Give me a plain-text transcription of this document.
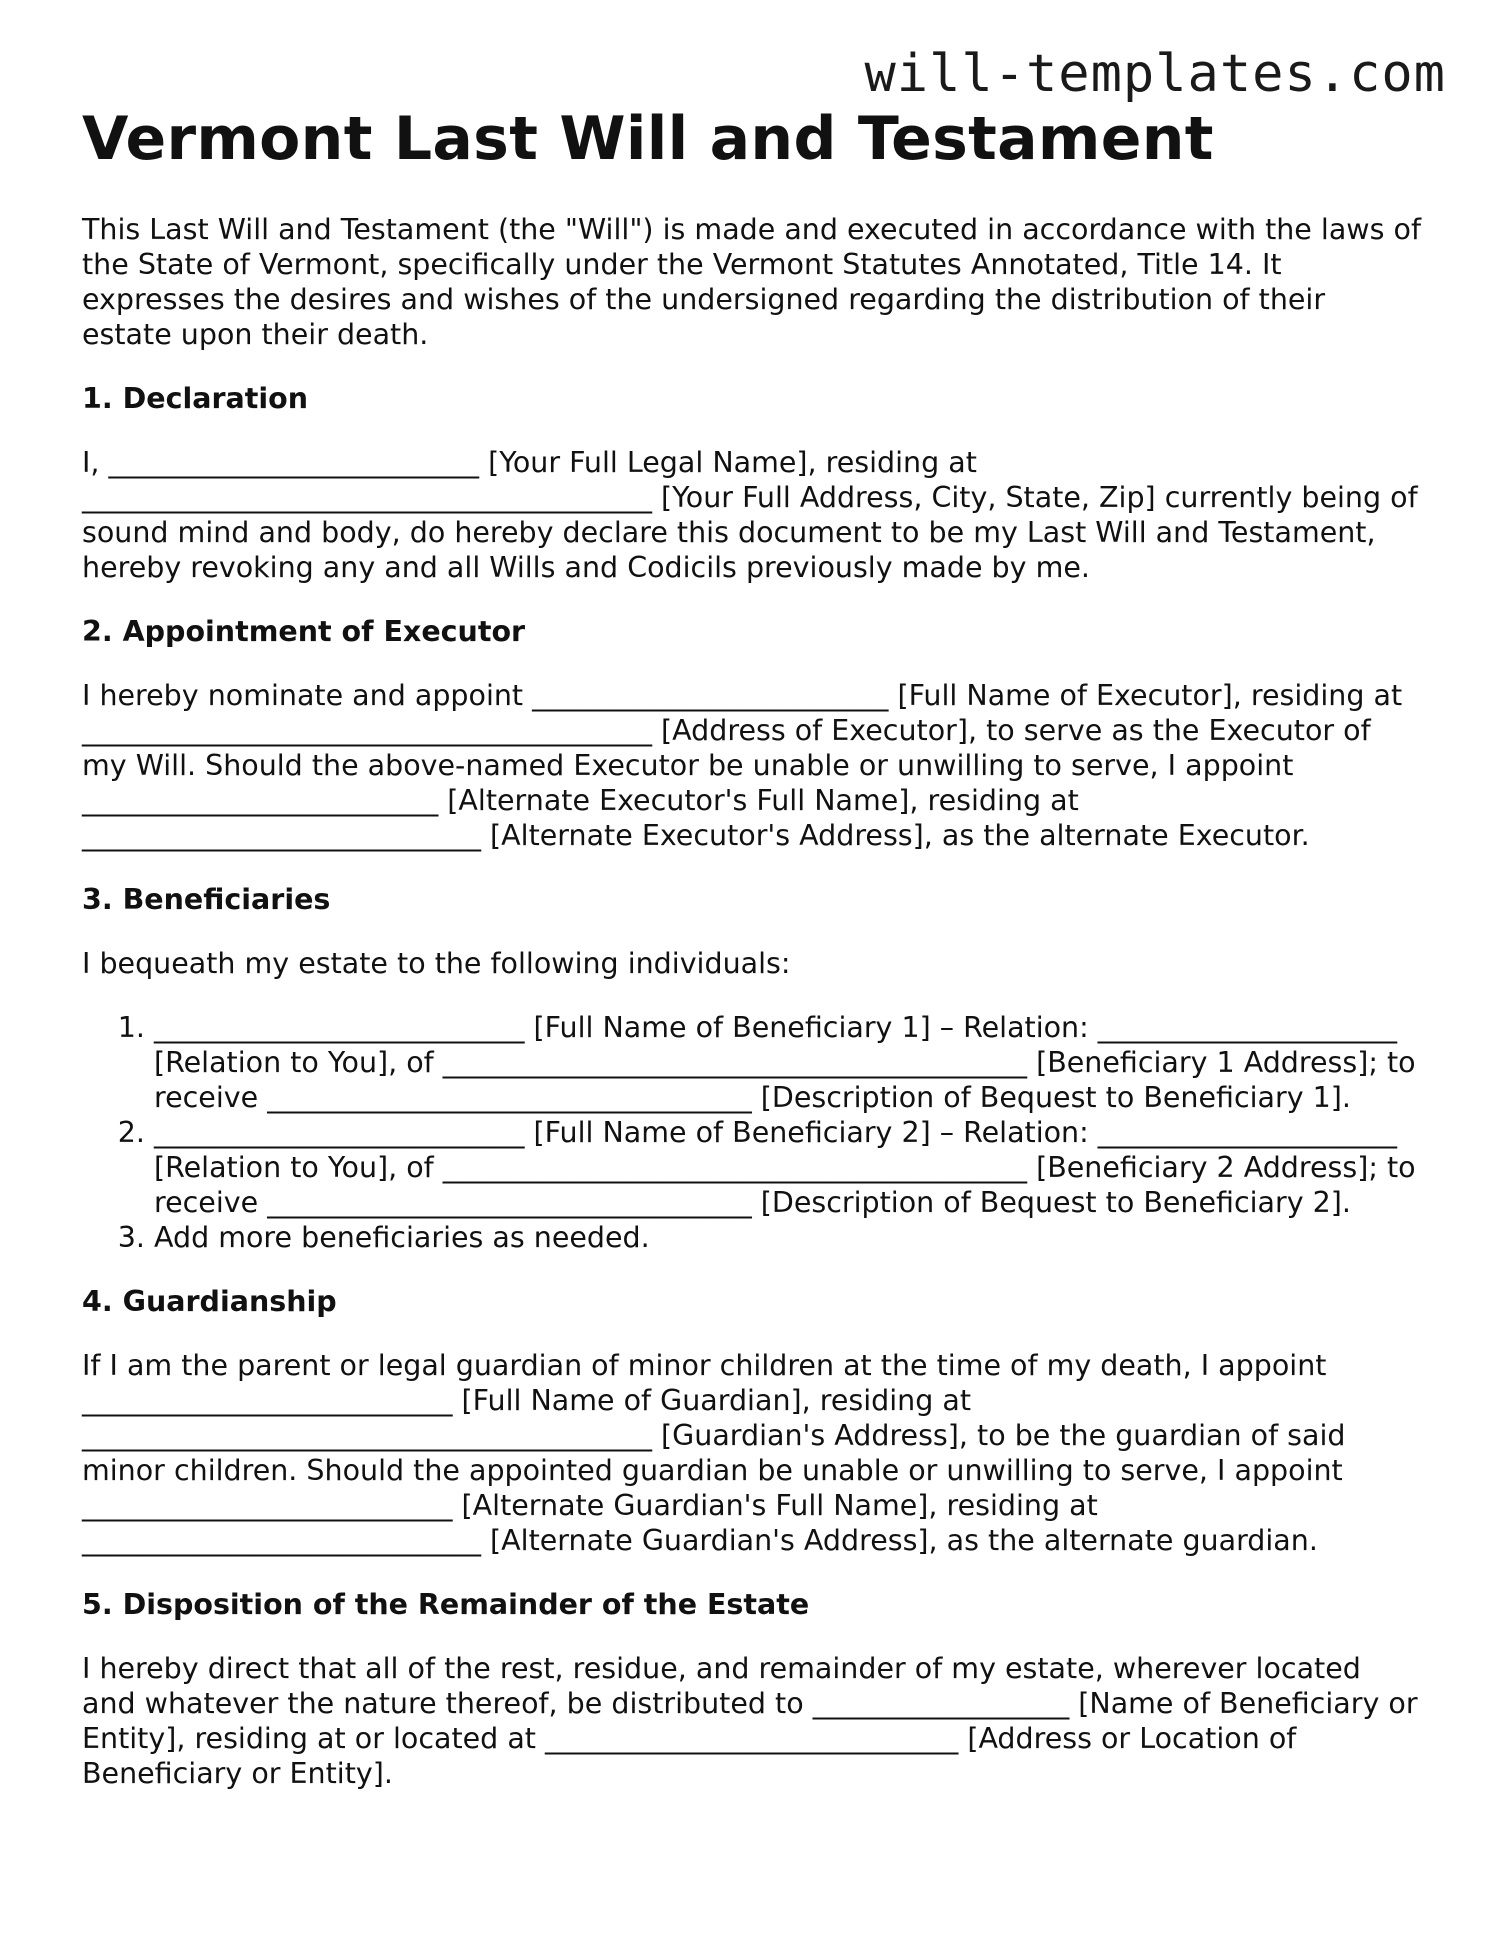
will-templates.com
Vermont Last Will and Testament

This Last Will and Testament (the "Will") is made and executed in accordance with the laws of the State of Vermont, specifically under the Vermont Statutes Annotated, Title 14. It expresses the desires and wishes of the undersigned regarding the distribution of their estate upon their death.

1. Declaration

I, __________________________ [Your Full Legal Name], residing at ________________________________________ [Your Full Address, City, State, Zip] currently being of sound mind and body, do hereby declare this document to be my Last Will and Testament, hereby revoking any and all Wills and Codicils previously made by me.

2. Appointment of Executor

I hereby nominate and appoint _________________________ [Full Name of Executor], residing at ________________________________________ [Address of Executor], to serve as the Executor of my Will. Should the above-named Executor be unable or unwilling to serve, I appoint _________________________ [Alternate Executor's Full Name], residing at ____________________________ [Alternate Executor's Address], as the alternate Executor.

3. Beneficiaries

I bequeath my estate to the following individuals:

1. __________________________ [Full Name of Beneficiary 1] – Relation: _____________________ [Relation to You], of _________________________________________ [Beneficiary 1 Address]; to receive __________________________________ [Description of Bequest to Beneficiary 1].
2. __________________________ [Full Name of Beneficiary 2] – Relation: _____________________ [Relation to You], of _________________________________________ [Beneficiary 2 Address]; to receive __________________________________ [Description of Bequest to Beneficiary 2].
3. Add more beneficiaries as needed.
4. Guardianship

If I am the parent or legal guardian of minor children at the time of my death, I appoint __________________________ [Full Name of Guardian], residing at ________________________________________ [Guardian's Address], to be the guardian of said minor children. Should the appointed guardian be unable or unwilling to serve, I appoint __________________________ [Alternate Guardian's Full Name], residing at ____________________________ [Alternate Guardian's Address], as the alternate guardian.

5. Disposition of the Remainder of the Estate

I hereby direct that all of the rest, residue, and remainder of my estate, wherever located and whatever the nature thereof, be distributed to __________________ [Name of Beneficiary or Entity], residing at or located at _____________________________ [Address or Location of Beneficiary or Entity].
